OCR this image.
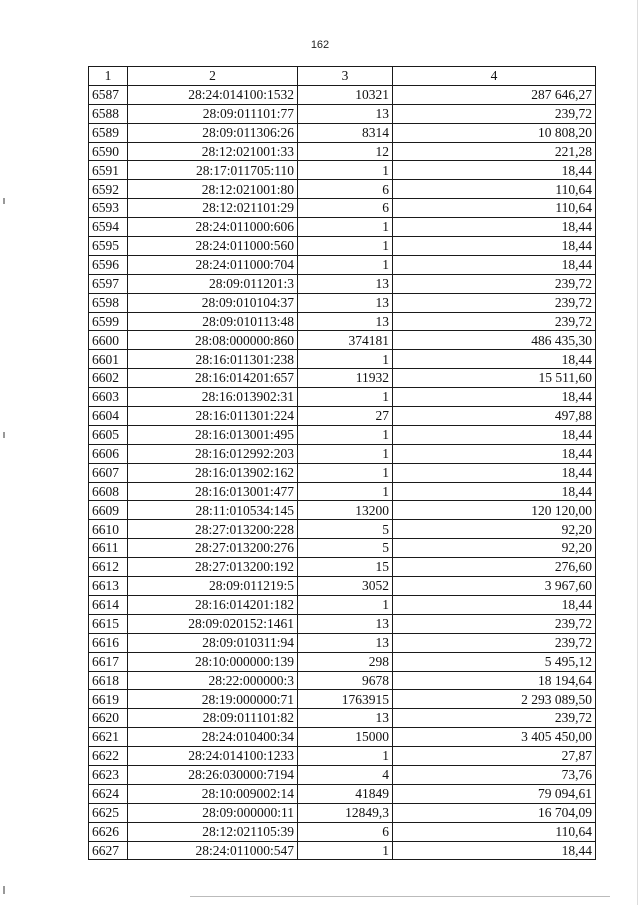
162
1	2	3	4
6587	28:24:014100:1532	10321	287 646,27
6588	28:09:011101:77	13	239,72
6589	28:09:011306:26	8314	10 808,20
6590	28:12:021001:33	12	221,28
6591	28:17:011705:110	1	18,44
6592	28:12:021001:80	6	110,64
6593	28:12:021101:29	6	110,64
6594	28:24:011000:606	1	18,44
6595	28:24:011000:560	1	18,44
6596	28:24:011000:704	1	18,44
6597	28:09:011201:3	13	239,72
6598	28:09:010104:37	13	239,72
6599	28:09:010113:48	13	239,72
6600	28:08:000000:860	374181	486 435,30
6601	28:16:011301:238	1	18,44
6602	28:16:014201:657	11932	15 511,60
6603	28:16:013902:31	1	18,44
6604	28:16:011301:224	27	497,88
6605	28:16:013001:495	1	18,44
6606	28:16:012992:203	1	18,44
6607	28:16:013902:162	1	18,44
6608	28:16:013001:477	1	18,44
6609	28:11:010534:145	13200	120 120,00
6610	28:27:013200:228	5	92,20
6611	28:27:013200:276	5	92,20
6612	28:27:013200:192	15	276,60
6613	28:09:011219:5	3052	3 967,60
6614	28:16:014201:182	1	18,44
6615	28:09:020152:1461	13	239,72
6616	28:09:010311:94	13	239,72
6617	28:10:000000:139	298	5 495,12
6618	28:22:000000:3	9678	18 194,64
6619	28:19:000000:71	1763915	2 293 089,50
6620	28:09:011101:82	13	239,72
6621	28:24:010400:34	15000	3 405 450,00
6622	28:24:014100:1233	1	27,87
6623	28:26:030000:7194	4	73,76
6624	28:10:009002:14	41849	79 094,61
6625	28:09:000000:11	12849,3	16 704,09
6626	28:12:021105:39	6	110,64
6627	28:24:011000:547	1	18,44
